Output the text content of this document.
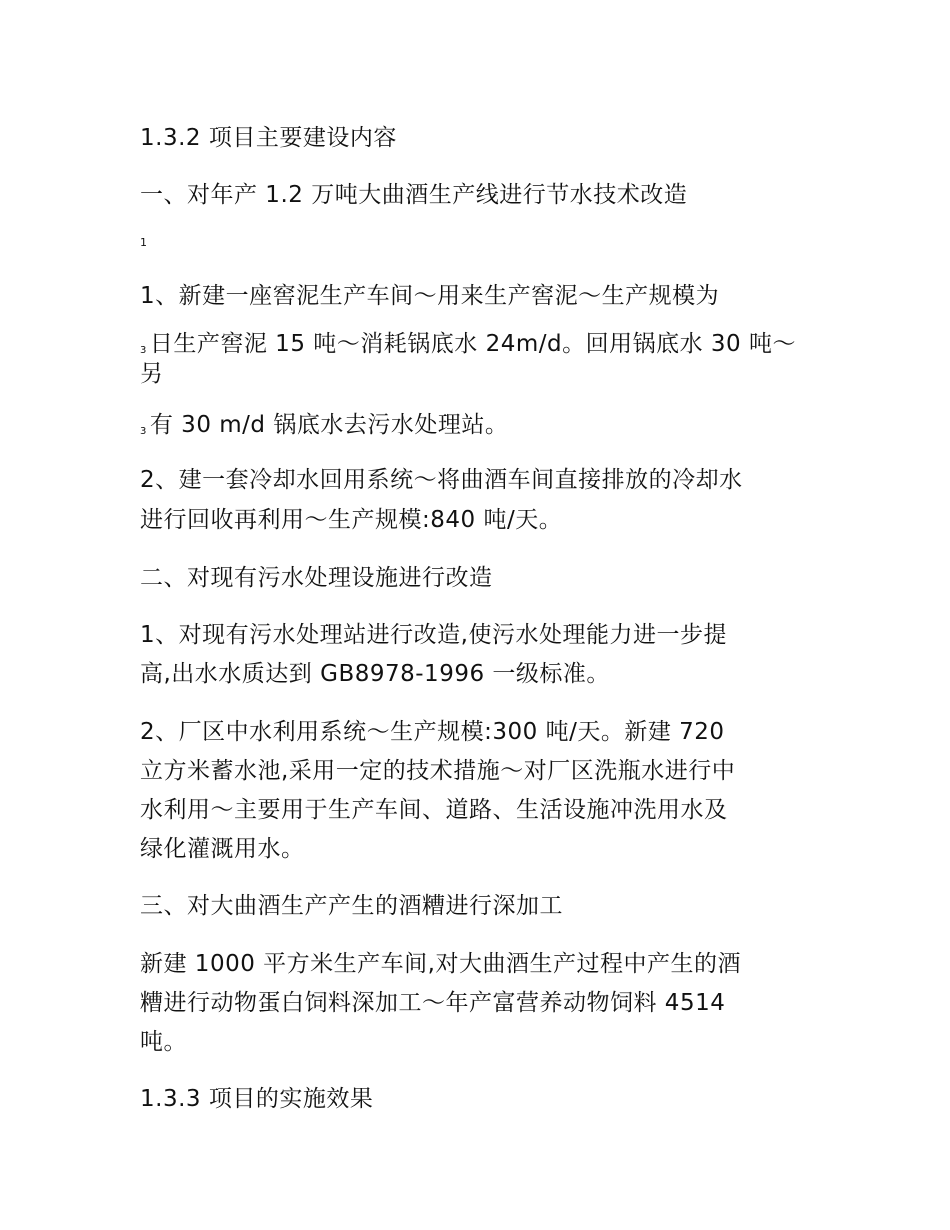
1.3.2 项目主要建设内容
一、对年产 1.2 万吨大曲酒生产线进行节水技术改造
1
1、新建一座窖泥生产车间～用来生产窖泥～生产规模为
$_3$ 日生产窖泥 15 吨～消耗锅底水 24m/d。回用锅底水 30 吨～
另
$_3$ 有 30 m/d 锅底水去污水处理站。
2、建一套冷却水回用系统～将曲酒车间直接排放的冷却水
进行回收再利用～生产规模:840 吨/天。
二、对现有污水处理设施进行改造
1、对现有污水处理站进行改造,使污水处理能力进一步提
高,出水水质达到 GB8978-1996 一级标准。
2、厂区中水利用系统～生产规模:300 吨/天。新建 720
立方米蓄水池,采用一定的技术措施～对厂区洗瓶水进行中
水利用～主要用于生产车间、道路、生活设施冲洗用水及
绿化灌溉用水。
三、对大曲酒生产产生的酒糟进行深加工
新建 1000 平方米生产车间,对大曲酒生产过程中产生的酒
糟进行动物蛋白饲料深加工～年产富营养动物饲料 4514
吨。
1.3.3 项目的实施效果
